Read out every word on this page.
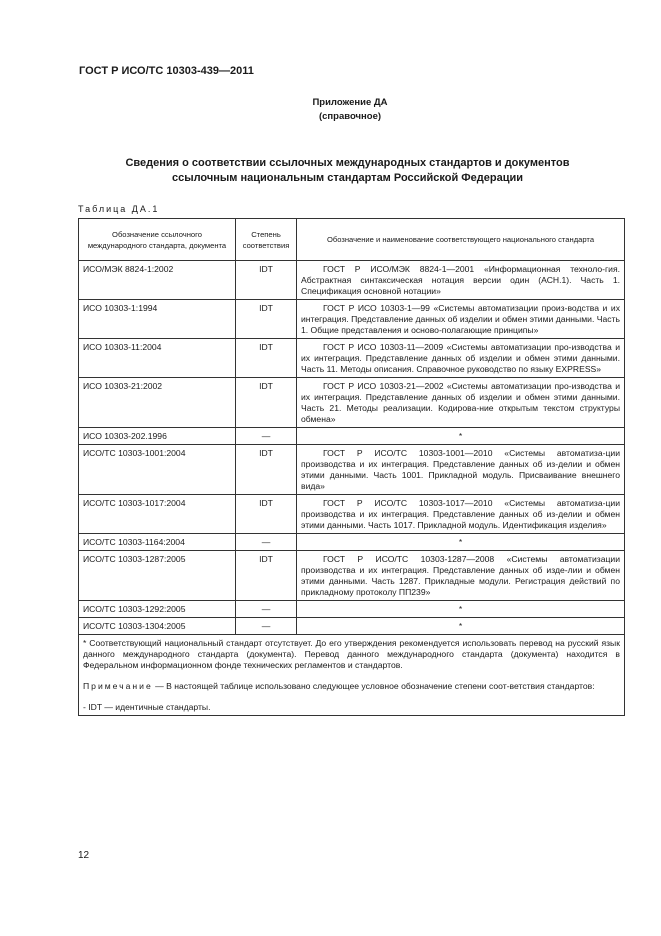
ГОСТ Р ИСО/ТС 10303-439—2011
Приложение ДА
(справочное)
Сведения о соответствии ссылочных международных стандартов и документов
ссылочным национальным стандартам Российской Федерации
Таблица ДА.1
Обозначение ссылочного международного стандарта, документа	Степень соответствия	Обозначение и наименование соответствующего национального стандарта
ИСО/МЭК 8824-1:2002	IDT	ГОСТ Р ИСО/МЭК 8824-1—2001 «Информационная техноло-гия. Абстрактная синтаксическая нотация версии один (АСН.1). Часть 1. Спецификация основной нотации»
ИСО 10303-1:1994	IDT	ГОСТ Р ИСО 10303-1—99 «Системы автоматизации произ-водства и их интеграция. Представление данных об изделии и обмен этими данными. Часть 1. Общие представления и осново-полагающие принципы»
ИСО 10303-11:2004	IDT	ГОСТ Р ИСО 10303-11—2009 «Системы автоматизации про-изводства и их интеграция. Представление данных об изделии и обмен этими данными. Часть 11. Методы описания. Справочное руководство по языку EXPRESS»
ИСО 10303-21:2002	IDT	ГОСТ Р ИСО 10303-21—2002 «Системы автоматизации про-изводства и их интеграция. Представление данных об изделии и обмен этими данными. Часть 21. Методы реализации. Кодирова-ние открытым текстом структуры обмена»
ИСО 10303-202.1996	—	*
ИСО/ТС 10303-1001:2004	IDT	ГОСТ Р ИСО/ТС 10303-1001—2010 «Системы автоматиза-ции производства и их интеграция. Представление данных об из-делии и обмен этими данными. Часть 1001. Прикладной модуль. Присваивание внешнего вида»
ИСО/ТС 10303-1017:2004	IDT	ГОСТ Р ИСО/ТС 10303-1017—2010 «Системы автоматиза-ции производства и их интеграция. Представление данных об из-делии и обмен этими данными. Часть 1017. Прикладной модуль. Идентификация изделия»
ИСО/ТС 10303-1164:2004	—	*
ИСО/ТС 10303-1287:2005	IDT	ГОСТ Р ИСО/ТС 10303-1287—2008 «Системы автоматизации производства и их интеграция. Представление данных об изде-лии и обмен этими данными. Часть 1287. Прикладные модули. Регистрация действий по прикладному протоколу ПП239»
ИСО/ТС 10303-1292:2005	—	*
ИСО/ТС 10303-1304:2005	—	*

* Соответствующий национальный стандарт отсутствует. До его утверждения рекомендуется использовать перевод на русский язык данного международного стандарта (документа). Перевод данного международного стандарта (документа) находится в Федеральном информационном фонде технических регламентов и стандартов.

Примечание — В настоящей таблице использовано следующее условное обозначение степени соот-ветствия стандартов:

- IDT — идентичные стандарты.		

12
